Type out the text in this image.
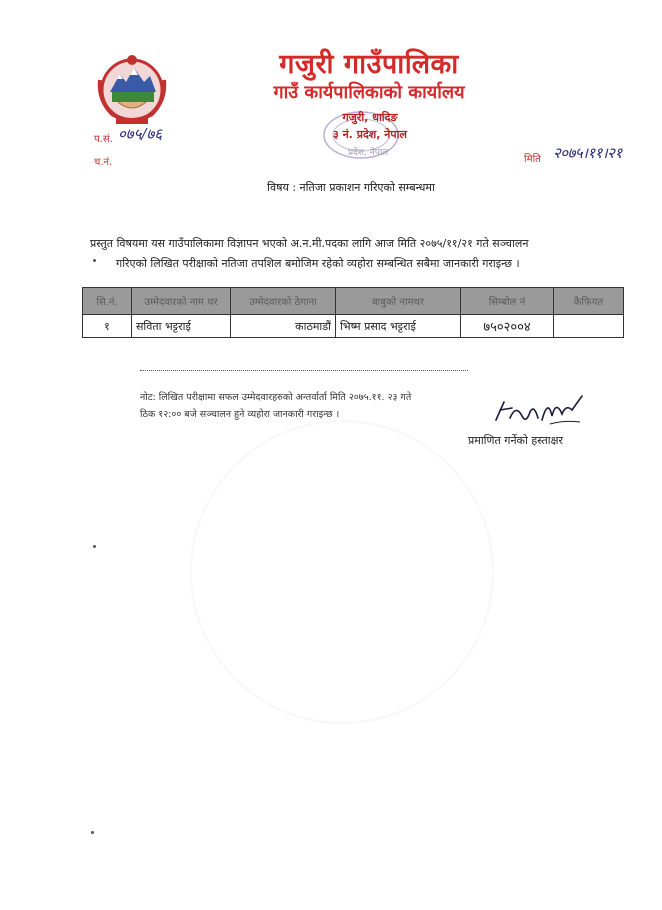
गजुरी गाउँपालिका
गाउँ कार्यपालिकाको कार्यालय
गजुरी, धादिङ
३ नं. प्रदेश, नेपाल
प्रदेश, नेपाल
प.सं. ०७५/७६
च.नं.	मिति २०७५।११।२१
विषय : नतिजा प्रकाशन गरिएको सम्बन्धमा
प्रस्तुत विषयमा यस गाउँपालिकामा विज्ञापन भएको अ.न.मी.पदका लागि आज मिति २०७५/११/२१ गते सञ्चालन
गरिएको लिखित परीक्षाको नतिजा तपशिल बमोजिम रहेको व्यहोरा सम्बन्धित सबैमा जानकारी गराइन्छ ।
सि.नं.	उम्मेदवारको नाम थर	उम्मेदवारको ठेगाना	बाबुको नामथर	सिम्बोल नं	कैफियत
१	सविता भट्टराई	काठमाडौं	भिष्म प्रसाद भट्टराई	७५०२००४	
नोट: लिखित परीक्षामा सफल उम्मेदवारहरुको अन्तर्वार्ता मिति २०७५.११. २३ गते
ठिक १२:०० बजे सञ्चालन हुने व्यहोरा जानकारी गराइन्छ ।
प्रमाणित गर्नेको हस्ताक्षर
